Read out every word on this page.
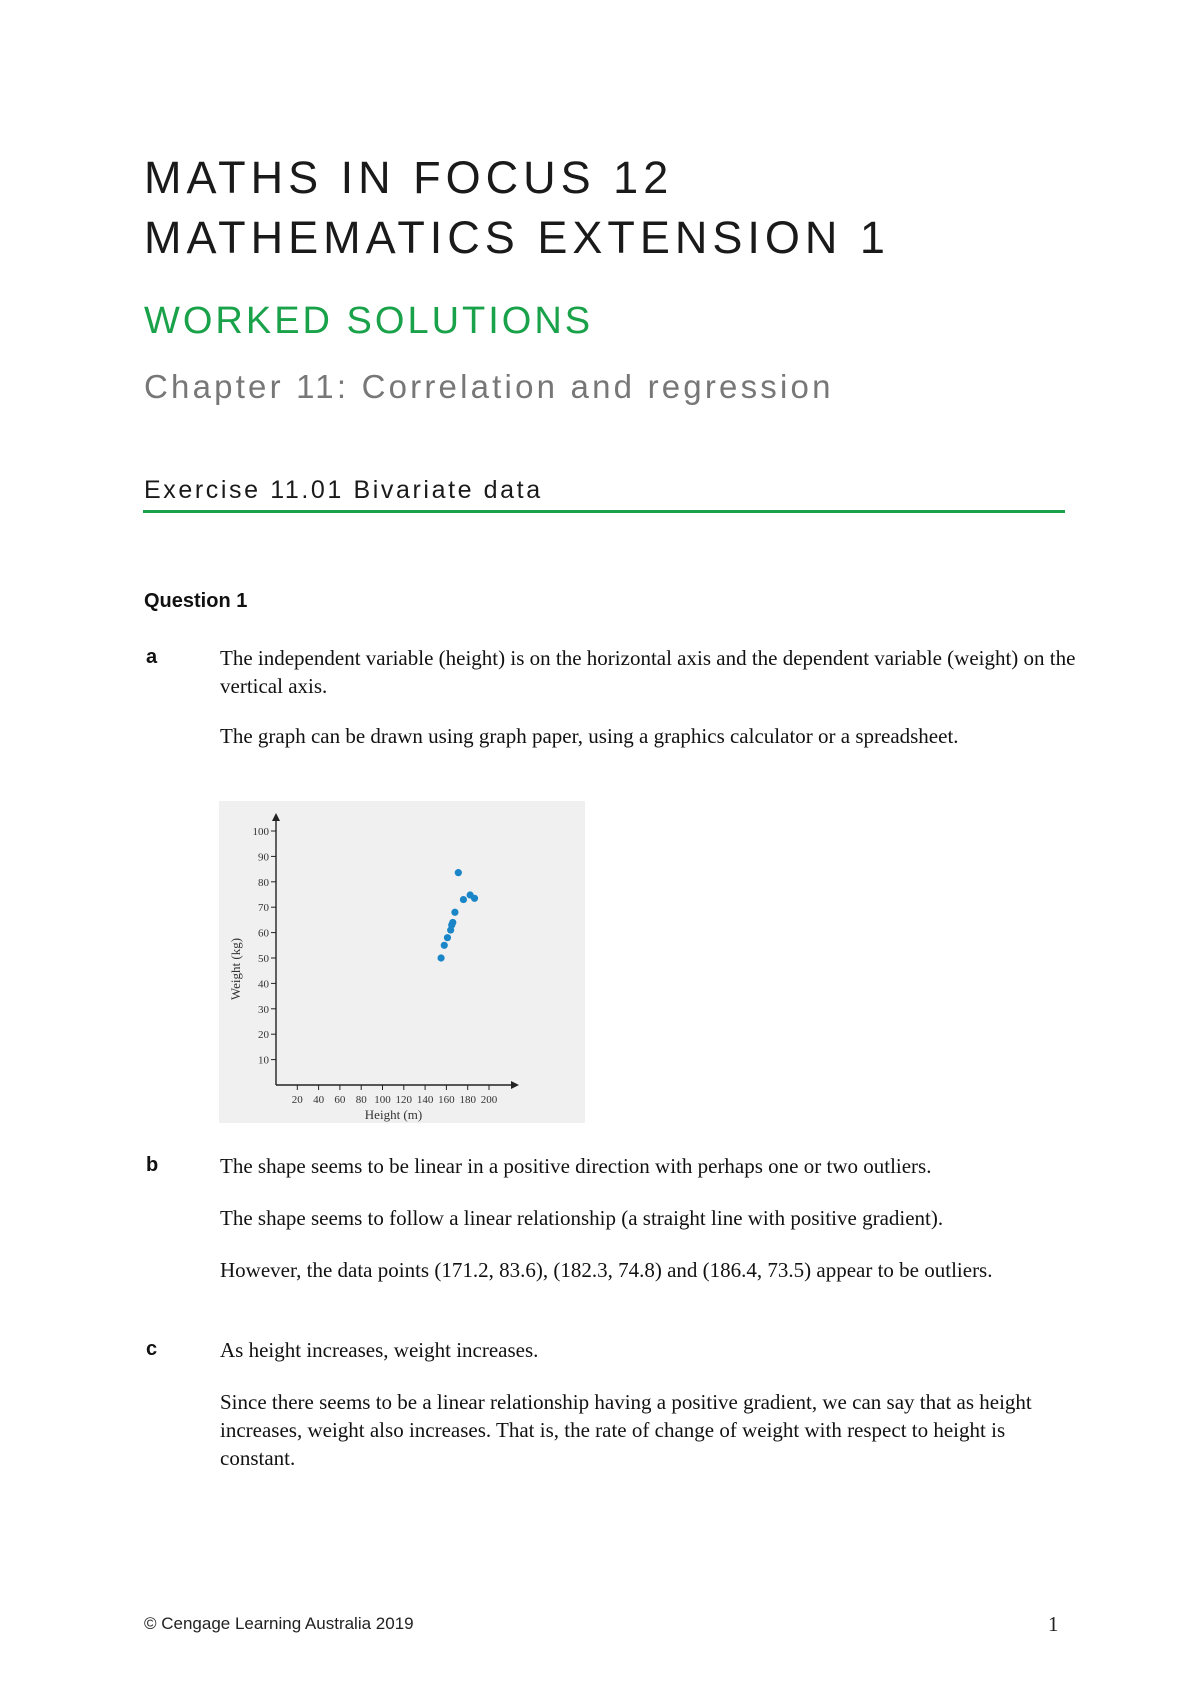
MATHS IN FOCUS 12
MATHEMATICS EXTENSION 1
WORKED SOLUTIONS
Chapter 11: Correlation and regression
Exercise 11.01 Bivariate data
Question 1
a	The independent variable (height) is on the horizontal axis and the dependent variable (weight) on the vertical axis.

The graph can be drawn using graph paper, using a graphics calculator or a spreadsheet.

20 40 60 80 100 120 140 160 180 200
10
20
30
40
50
60
70
80
90
100
Height (m)
Weight (kg)
b	The shape seems to be linear in a positive direction with perhaps one or two outliers.

The shape seems to follow a linear relationship (a straight line with positive gradient).

However, the data points (171.2, 83.6), (182.3, 74.8) and (186.4, 73.5) appear to be outliers.

c	As height increases, weight increases.

Since there seems to be a linear relationship having a positive gradient, we can say that as height increases, weight also increases. That is, the rate of change of weight with respect to height is constant.

© Cengage Learning Australia 2019	1
